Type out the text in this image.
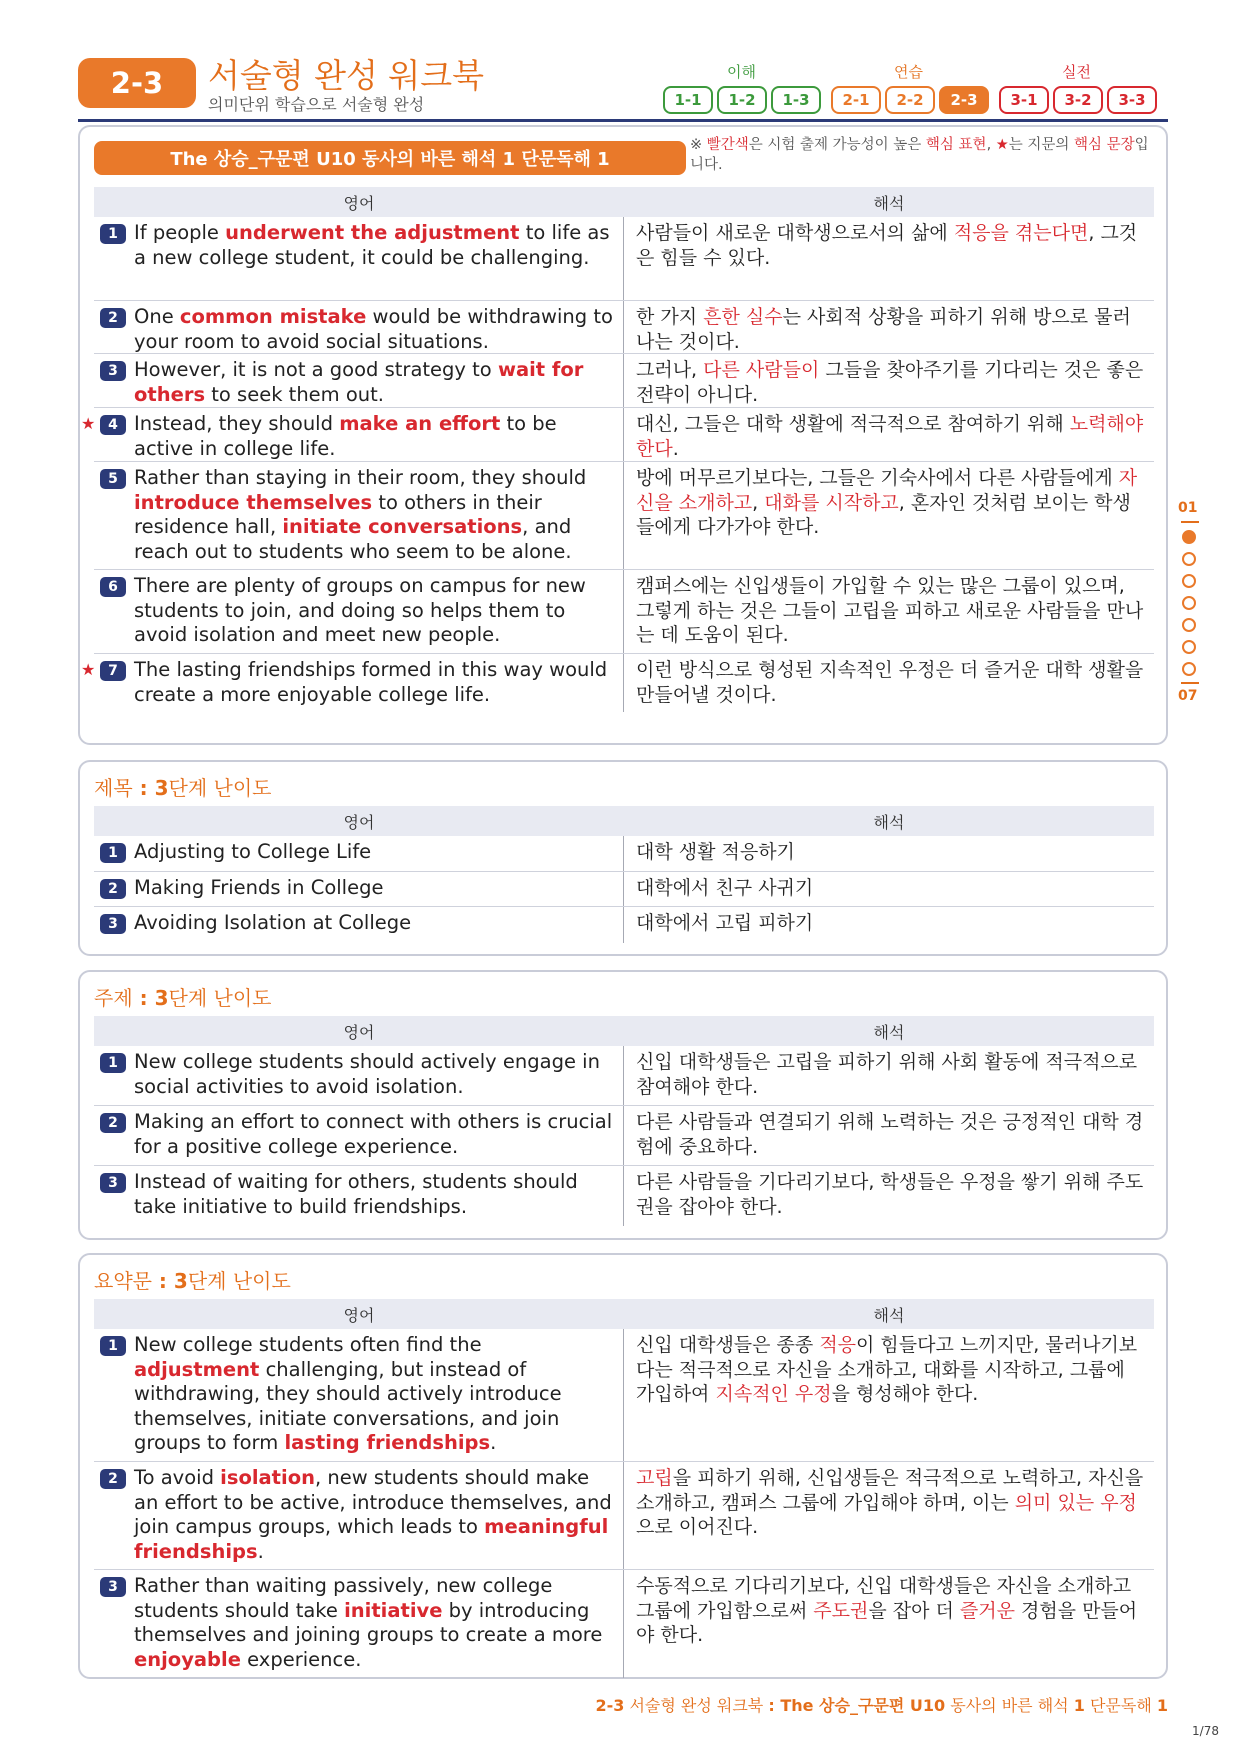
2-3	서술형 완성 워크북
의미단위 학습으로 서술형 완성
이해	연습	실전
1-1	1-2	1-3	2-1	2-2	2-3	3-1	3-2	3-3
The 상승_구문편 U10 동사의 바른 해석 1 단문독해 1
※ 빨간색은 시험 출제 가능성이 높은 핵심 표현, ★는 지문의 핵심 문장입니다.
영어	해석
1 If people underwent the adjustment to life as a new college student, it could be challenging.
사람들이 새로운 대학생으로서의 삶에 적응을 겪는다면, 그것은 힘들 수 있다.
2 One common mistake would be withdrawing to your room to avoid social situations.
한 가지 흔한 실수는 사회적 상황을 피하기 위해 방으로 물러나는 것이다.
3 However, it is not a good strategy to wait for others to seek them out.
그러나, 다른 사람들이 그들을 찾아주기를 기다리는 것은 좋은 전략이 아니다.
★ 4 Instead, they should make an effort to be active in college life.
대신, 그들은 대학 생활에 적극적으로 참여하기 위해 노력해야 한다.
5 Rather than staying in their room, they should introduce themselves to others in their residence hall, initiate conversations, and reach out to students who seem to be alone.
방에 머무르기보다는, 그들은 기숙사에서 다른 사람들에게 자신을 소개하고, 대화를 시작하고, 혼자인 것처럼 보이는 학생들에게 다가가야 한다.
6 There are plenty of groups on campus for new students to join, and doing so helps them to avoid isolation and meet new people.
캠퍼스에는 신입생들이 가입할 수 있는 많은 그룹이 있으며, 그렇게 하는 것은 그들이 고립을 피하고 새로운 사람들을 만나는 데 도움이 된다.
★ 7 The lasting friendships formed in this way would create a more enjoyable college life.
이런 방식으로 형성된 지속적인 우정은 더 즐거운 대학 생활을 만들어낼 것이다.
제목 : 3단계 난이도
영어	해석
1 Adjusting to College Life	대학 생활 적응하기
2 Making Friends in College	대학에서 친구 사귀기
3 Avoiding Isolation at College	대학에서 고립 피하기
주제 : 3단계 난이도
영어	해석
1 New college students should actively engage in social activities to avoid isolation.
신입 대학생들은 고립을 피하기 위해 사회 활동에 적극적으로 참여해야 한다.
2 Making an effort to connect with others is crucial for a positive college experience.
다른 사람들과 연결되기 위해 노력하는 것은 긍정적인 대학 경험에 중요하다.
3 Instead of waiting for others, students should take initiative to build friendships.
다른 사람들을 기다리기보다, 학생들은 우정을 쌓기 위해 주도권을 잡아야 한다.
요약문 : 3단계 난이도
영어	해석
1 New college students often find the adjustment challenging, but instead of withdrawing, they should actively introduce themselves, initiate conversations, and join groups to form lasting friendships.
신입 대학생들은 종종 적응이 힘들다고 느끼지만, 물러나기보다는 적극적으로 자신을 소개하고, 대화를 시작하고, 그룹에 가입하여 지속적인 우정을 형성해야 한다.
2 To avoid isolation, new students should make an effort to be active, introduce themselves, and join campus groups, which leads to meaningful friendships.
고립을 피하기 위해, 신입생들은 적극적으로 노력하고, 자신을 소개하고, 캠퍼스 그룹에 가입해야 하며, 이는 의미 있는 우정으로 이어진다.
3 Rather than waiting passively, new college students should take initiative by introducing themselves and joining groups to create a more enjoyable experience.
수동적으로 기다리기보다, 신입 대학생들은 자신을 소개하고 그룹에 가입함으로써 주도권을 잡아 더 즐거운 경험을 만들어야 한다.
01
07
2-3 서술형 완성 워크북 : The 상승_구문편 U10 동사의 바른 해석 1 단문독해 1
1/78
